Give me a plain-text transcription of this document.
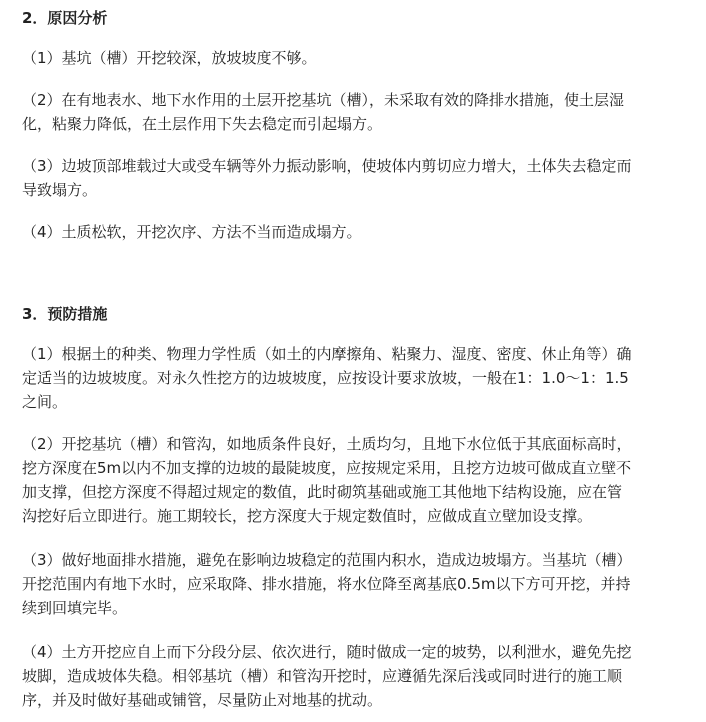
2．原因分析

（1）基坑（槽）开挖较深，放坡坡度不够。

（2）在有地表水、地下水作用的土层开挖基坑（槽），未采取有效的降排水措施，使土层湿
化，粘聚力降低，在土层作用下失去稳定而引起塌方。

（3）边坡顶部堆载过大或受车辆等外力振动影响，使坡体内剪切应力增大，土体失去稳定而
导致塌方。

（4）土质松软，开挖次序、方法不当而造成塌方。

3．预防措施

（1）根据土的种类、物理力学性质（如土的内摩擦角、粘聚力、湿度、密度、休止角等）确
定适当的边坡坡度。对永久性挖方的边坡坡度，应按设计要求放坡，一般在1：1.0～1：1.5
之间。

（2）开挖基坑（槽）和管沟，如地质条件良好，土质均匀，且地下水位低于其底面标高时，
挖方深度在5m以内不加支撑的边坡的最陡坡度，应按规定采用，且挖方边坡可做成直立壁不
加支撑，但挖方深度不得超过规定的数值，此时砌筑基础或施工其他地下结构设施，应在管
沟挖好后立即进行。施工期较长，挖方深度大于规定数值时，应做成直立壁加设支撑。

（3）做好地面排水措施，避免在影响边坡稳定的范围内积水，造成边坡塌方。当基坑（槽）
开挖范围内有地下水时，应采取降、排水措施，将水位降至离基底0.5m以下方可开挖，并持
续到回填完毕。

（4）土方开挖应自上而下分段分层、依次进行，随时做成一定的坡势，以利泄水，避免先挖
坡脚，造成坡体失稳。相邻基坑（槽）和管沟开挖时，应遵循先深后浅或同时进行的施工顺
序，并及时做好基础或铺管，尽量防止对地基的扰动。
